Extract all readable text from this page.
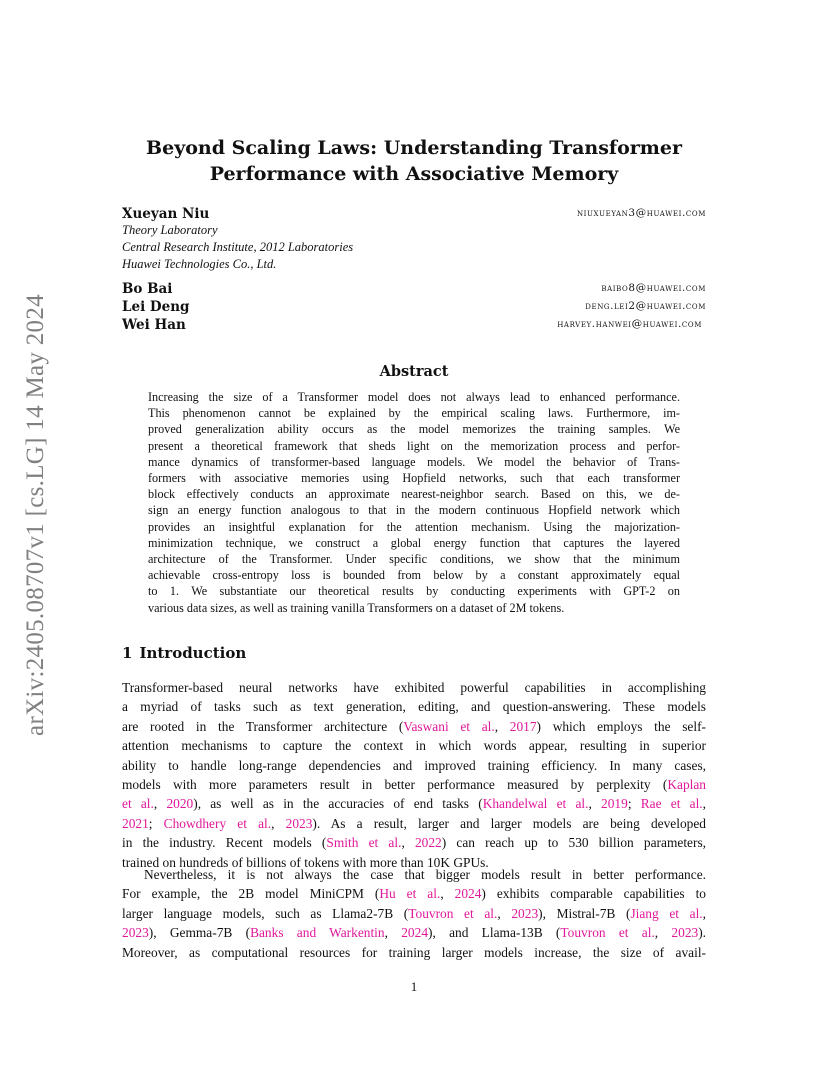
arXiv:2405.08707v1 [cs.LG] 14 May 2024
Beyond Scaling Laws: Understanding Transformer
Performance with Associative Memory
Xueyan Niu	niuxueyan3@huawei.com
Theory Laboratory
Central Research Institute, 2012 Laboratories
Huawei Technologies Co., Ltd.
Bo Bai	baibo8@huawei.com
Lei Deng	deng.lei2@huawei.com
Wei Han	harvey.hanwei@huawei.com
Abstract
Increasing the size of a Transformer model does not always lead to enhanced performance.
This phenomenon cannot be explained by the empirical scaling laws. Furthermore, im-
proved generalization ability occurs as the model memorizes the training samples. We
present a theoretical framework that sheds light on the memorization process and perfor-
mance dynamics of transformer-based language models. We model the behavior of Trans-
formers with associative memories using Hopfield networks, such that each transformer
block effectively conducts an approximate nearest-neighbor search. Based on this, we de-
sign an energy function analogous to that in the modern continuous Hopfield network which
provides an insightful explanation for the attention mechanism. Using the majorization-
minimization technique, we construct a global energy function that captures the layered
architecture of the Transformer. Under specific conditions, we show that the minimum
achievable cross-entropy loss is bounded from below by a constant approximately equal
to 1. We substantiate our theoretical results by conducting experiments with GPT-2 on
various data sizes, as well as training vanilla Transformers on a dataset of 2M tokens.
1 Introduction
Transformer-based neural networks have exhibited powerful capabilities in accomplishing
a myriad of tasks such as text generation, editing, and question-answering. These models
are rooted in the Transformer architecture (Vaswani et al., 2017) which employs the self-
attention mechanisms to capture the context in which words appear, resulting in superior
ability to handle long-range dependencies and improved training efficiency. In many cases,
models with more parameters result in better performance measured by perplexity (Kaplan
et al., 2020), as well as in the accuracies of end tasks (Khandelwal et al., 2019; Rae et al.,
2021; Chowdhery et al., 2023). As a result, larger and larger models are being developed
in the industry. Recent models (Smith et al., 2022) can reach up to 530 billion parameters,
trained on hundreds of billions of tokens with more than 10K GPUs.
Nevertheless, it is not always the case that bigger models result in better performance.
For example, the 2B model MiniCPM (Hu et al., 2024) exhibits comparable capabilities to
larger language models, such as Llama2-7B (Touvron et al., 2023), Mistral-7B (Jiang et al.,
2023), Gemma-7B (Banks and Warkentin, 2024), and Llama-13B (Touvron et al., 2023).
Moreover, as computational resources for training larger models increase, the size of avail-
1
